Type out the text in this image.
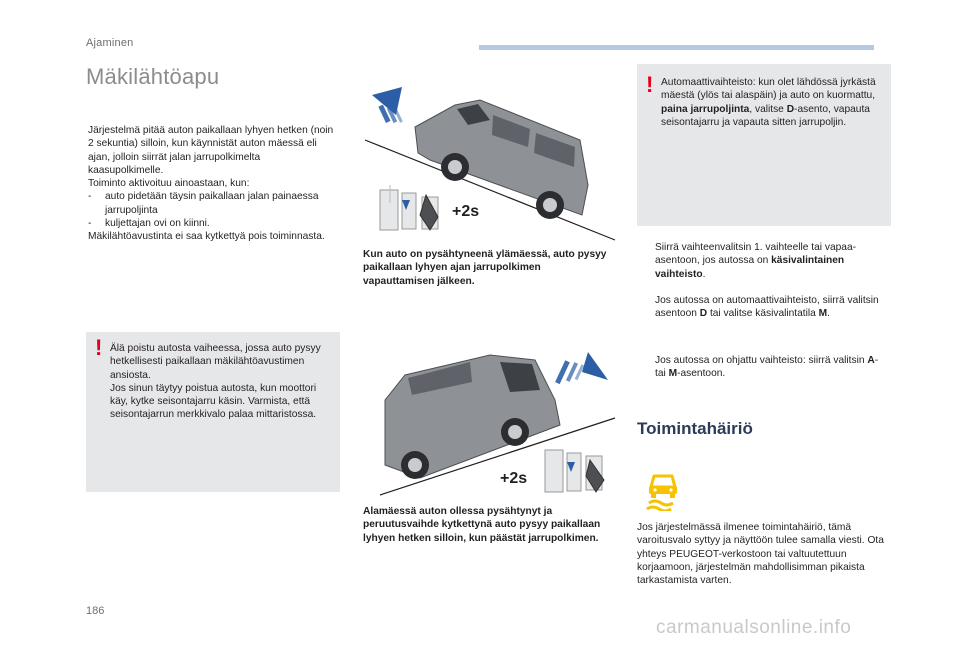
Ajaminen
Mäkilähtöapu
Järjestelmä pitää auton paikallaan lyhyen hetken (noin 2 sekuntia) silloin, kun käynnistät auton mäessä eli ajan, jolloin siirrät jalan jarrupolkimelta kaasupolkimelle.
Toiminto aktivoituu ainoastaan, kun:
- auto pidetään täysin paikallaan jalan painaessa jarrupoljinta
- kuljettajan ovi on kiinni.
Mäkilähtöavustinta ei saa kytkettyä pois toiminnasta.
! Älä poistu autosta vaiheessa, jossa auto pysyy hetkellisesti paikallaan mäkilähtöavustimen ansiosta.
Jos sinun täytyy poistua autosta, kun moottori käy, kytke seisontajarru käsin. Varmista, että seisontajarrun merkkivalo palaa mittaristossa.
+2s
Kun auto on pysähtyneenä ylämäessä, auto pysyy paikallaan lyhyen ajan jarrupolkimen vapauttamisen jälkeen.
+2s
Alamäessä auton ollessa pysähtynyt ja peruutusvaihde kytkettynä auto pysyy paikallaan lyhyen hetken silloin, kun päästät jarrupolkimen.
! Automaattivaihteisto: kun olet lähdössä jyrkästä mäestä (ylös tai alaspäin) ja auto on kuormattu, paina jarrupoljinta, valitse D-asento, vapauta seisontajarru ja vapauta sitten jarrupoljin.
Siirrä vaihteenvalitsin 1. vaihteelle tai vapaa-asentoon, jos autossa on käsivalintainen vaihteisto.
Jos autossa on automaattivaihteisto, siirrä valitsin asentoon D tai valitse käsivalintatila M.
Jos autossa on ohjattu vaihteisto: siirrä valitsin A- tai M-asentoon.
Toimintahäiriö
Jos järjestelmässä ilmenee toimintahäiriö, tämä varoitusvalo syttyy ja näyttöön tulee samalla viesti. Ota yhteys PEUGEOT-verkostoon tai valtuutettuun korjaamoon, järjestelmän mahdollisimman pikaista tarkastamista varten.
186
carmanualsonline.info
